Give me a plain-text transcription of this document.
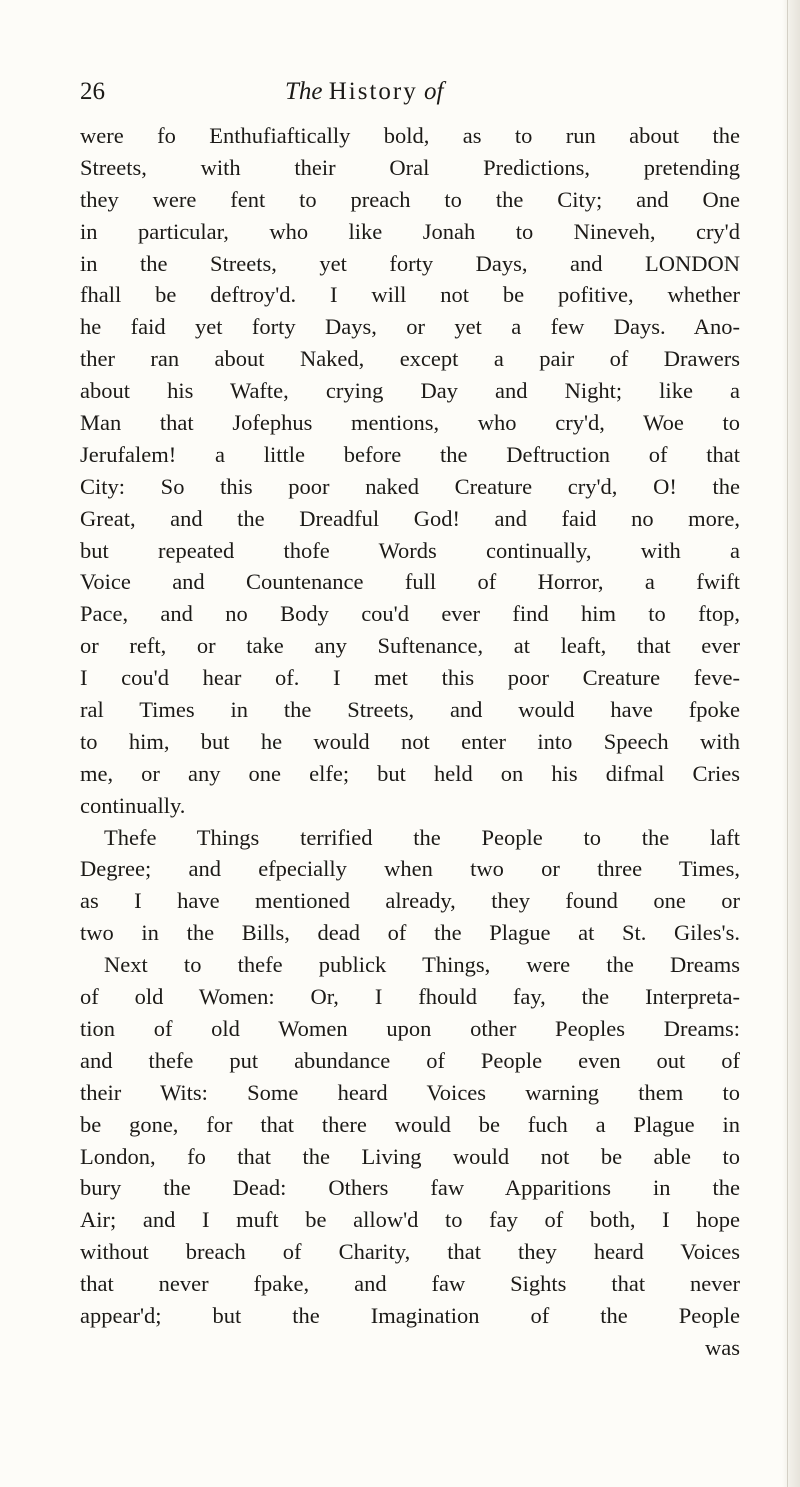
26	The History of
were fo Enthufiaftically bold, as to run about the
Streets, with their Oral Predictions, pretending
they were fent to preach to the City; and One
in particular, who like Jonah to Nineveh, cry'd
in the Streets, yet forty Days, and LONDON
fhall be deftroy'd. I will not be pofitive, whether
he faid yet forty Days, or yet a few Days. Ano-
ther ran about Naked, except a pair of Drawers
about his Wafte, crying Day and Night; like a
Man that Jofephus mentions, who cry'd, Woe to
Jerufalem! a little before the Deftruction of that
City: So this poor naked Creature cry'd, O! the
Great, and the Dreadful God! and faid no more,
but repeated thofe Words continually, with a
Voice and Countenance full of Horror, a fwift
Pace, and no Body cou'd ever find him to ftop,
or reft, or take any Suftenance, at leaft, that ever
I cou'd hear of. I met this poor Creature feve-
ral Times in the Streets, and would have fpoke
to him, but he would not enter into Speech with
me, or any one elfe; but held on his difmal Cries
continually.
Thefe Things terrified the People to the laft
Degree; and efpecially when two or three Times,
as I have mentioned already, they found one or
two in the Bills, dead of the Plague at St. Giles's.
Next to thefe publick Things, were the Dreams
of old Women: Or, I fhould fay, the Interpreta-
tion of old Women upon other Peoples Dreams:
and thefe put abundance of People even out of
their Wits: Some heard Voices warning them to
be gone, for that there would be fuch a Plague in
London, fo that the Living would not be able to
bury the Dead: Others faw Apparitions in the
Air; and I muft be allow'd to fay of both, I hope
without breach of Charity, that they heard Voices
that never fpake, and faw Sights that never
appear'd; but the Imagination of the People
was
